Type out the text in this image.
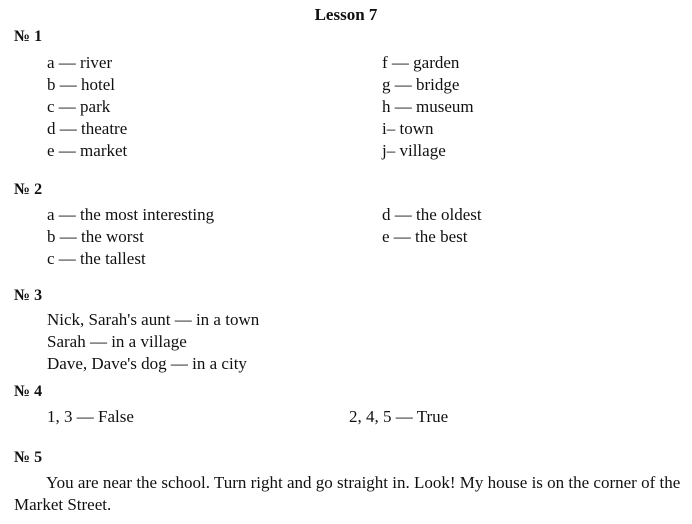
Lesson 7
№ 1
a — river
b — hotel
c — park
d — theatre
e — market
f — garden
g — bridge
h — museum
i– town
j– village
№ 2
a — the most interesting
b — the worst
c — the tallest
d — the oldest
e — the best
№ 3
Nick, Sarah's aunt — in a town
Sarah — in a village
Dave, Dave's dog — in a city
№ 4
1, 3 — False	2, 4, 5 — True
№ 5
You are near the school. Turn right and go straight in. Look! My house is on the corner of the Market Street.
